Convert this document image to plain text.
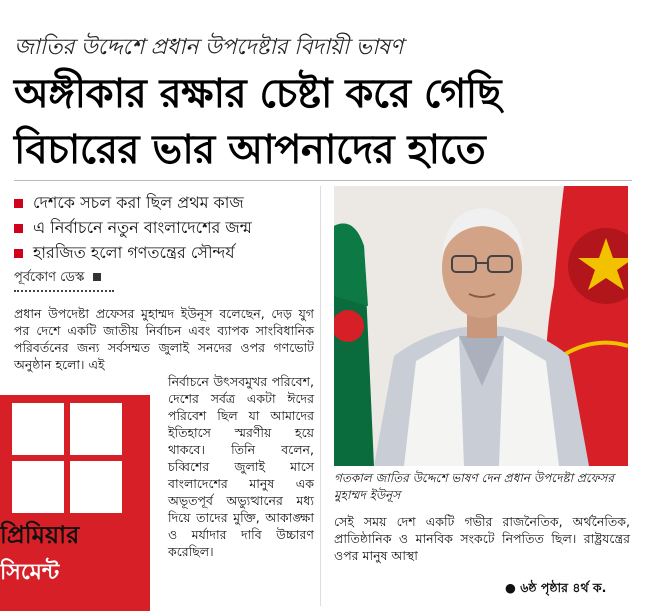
জাতির উদ্দেশে প্রধান উপদেষ্টার বিদায়ী ভাষণ
অঙ্গীকার রক্ষার চেষ্টা করে গেছি
বিচারের ভার আপনাদের হাতে
দেশকে সচল করা ছিল প্রথম কাজ
এ নির্বাচনে নতুন বাংলাদেশের জন্ম
হারজিত হলো গণতন্ত্রের সৌন্দর্য
পূর্বকোণ ডেস্ক
প্রধান উপদেষ্টা প্রফেসর মুহাম্মদ ইউনূস বলেছেন, দেড় যুগ পর দেশে একটি জাতীয় নির্বাচন এবং ব্যাপক সাংবিধানিক পরিবর্তনের জন্য সর্বসম্মত জুলাই সনদের ওপর গণভোট অনুষ্ঠান হলো। এই
প্রিমিয়ার
সিমেন্ট
নির্বাচনে উৎসবমুখর পরিবেশ, দেশের সর্বত্র একটা ঈদের পরিবেশ ছিল যা আমাদের ইতিহাসে স্মরণীয় হয়ে থাকবে। তিনি বলেন, চব্বিশের জুলাই মাসে বাংলাদেশের মানুষ এক অভূতপূর্ব অভ্যুত্থানের মধ্য দিয়ে তাদের মুক্তি, আকাঙ্ক্ষা ও মর্যাদার দাবি উচ্চারণ করেছিল।
গতকাল জাতির উদ্দেশে ভাষণ দেন প্রধান উপদেষ্টা প্রফেসর মুহাম্মদ ইউনূস
সেই সময় দেশ একটি গভীর রাজনৈতিক, অর্থনৈতিক, প্রাতিষ্ঠানিক ও মানবিক সংকটে নিপতিত ছিল। রাষ্ট্রযন্ত্রের ওপর মানুষ আস্থা
● ৬ষ্ঠ পৃষ্ঠার ৪র্থ ক.
